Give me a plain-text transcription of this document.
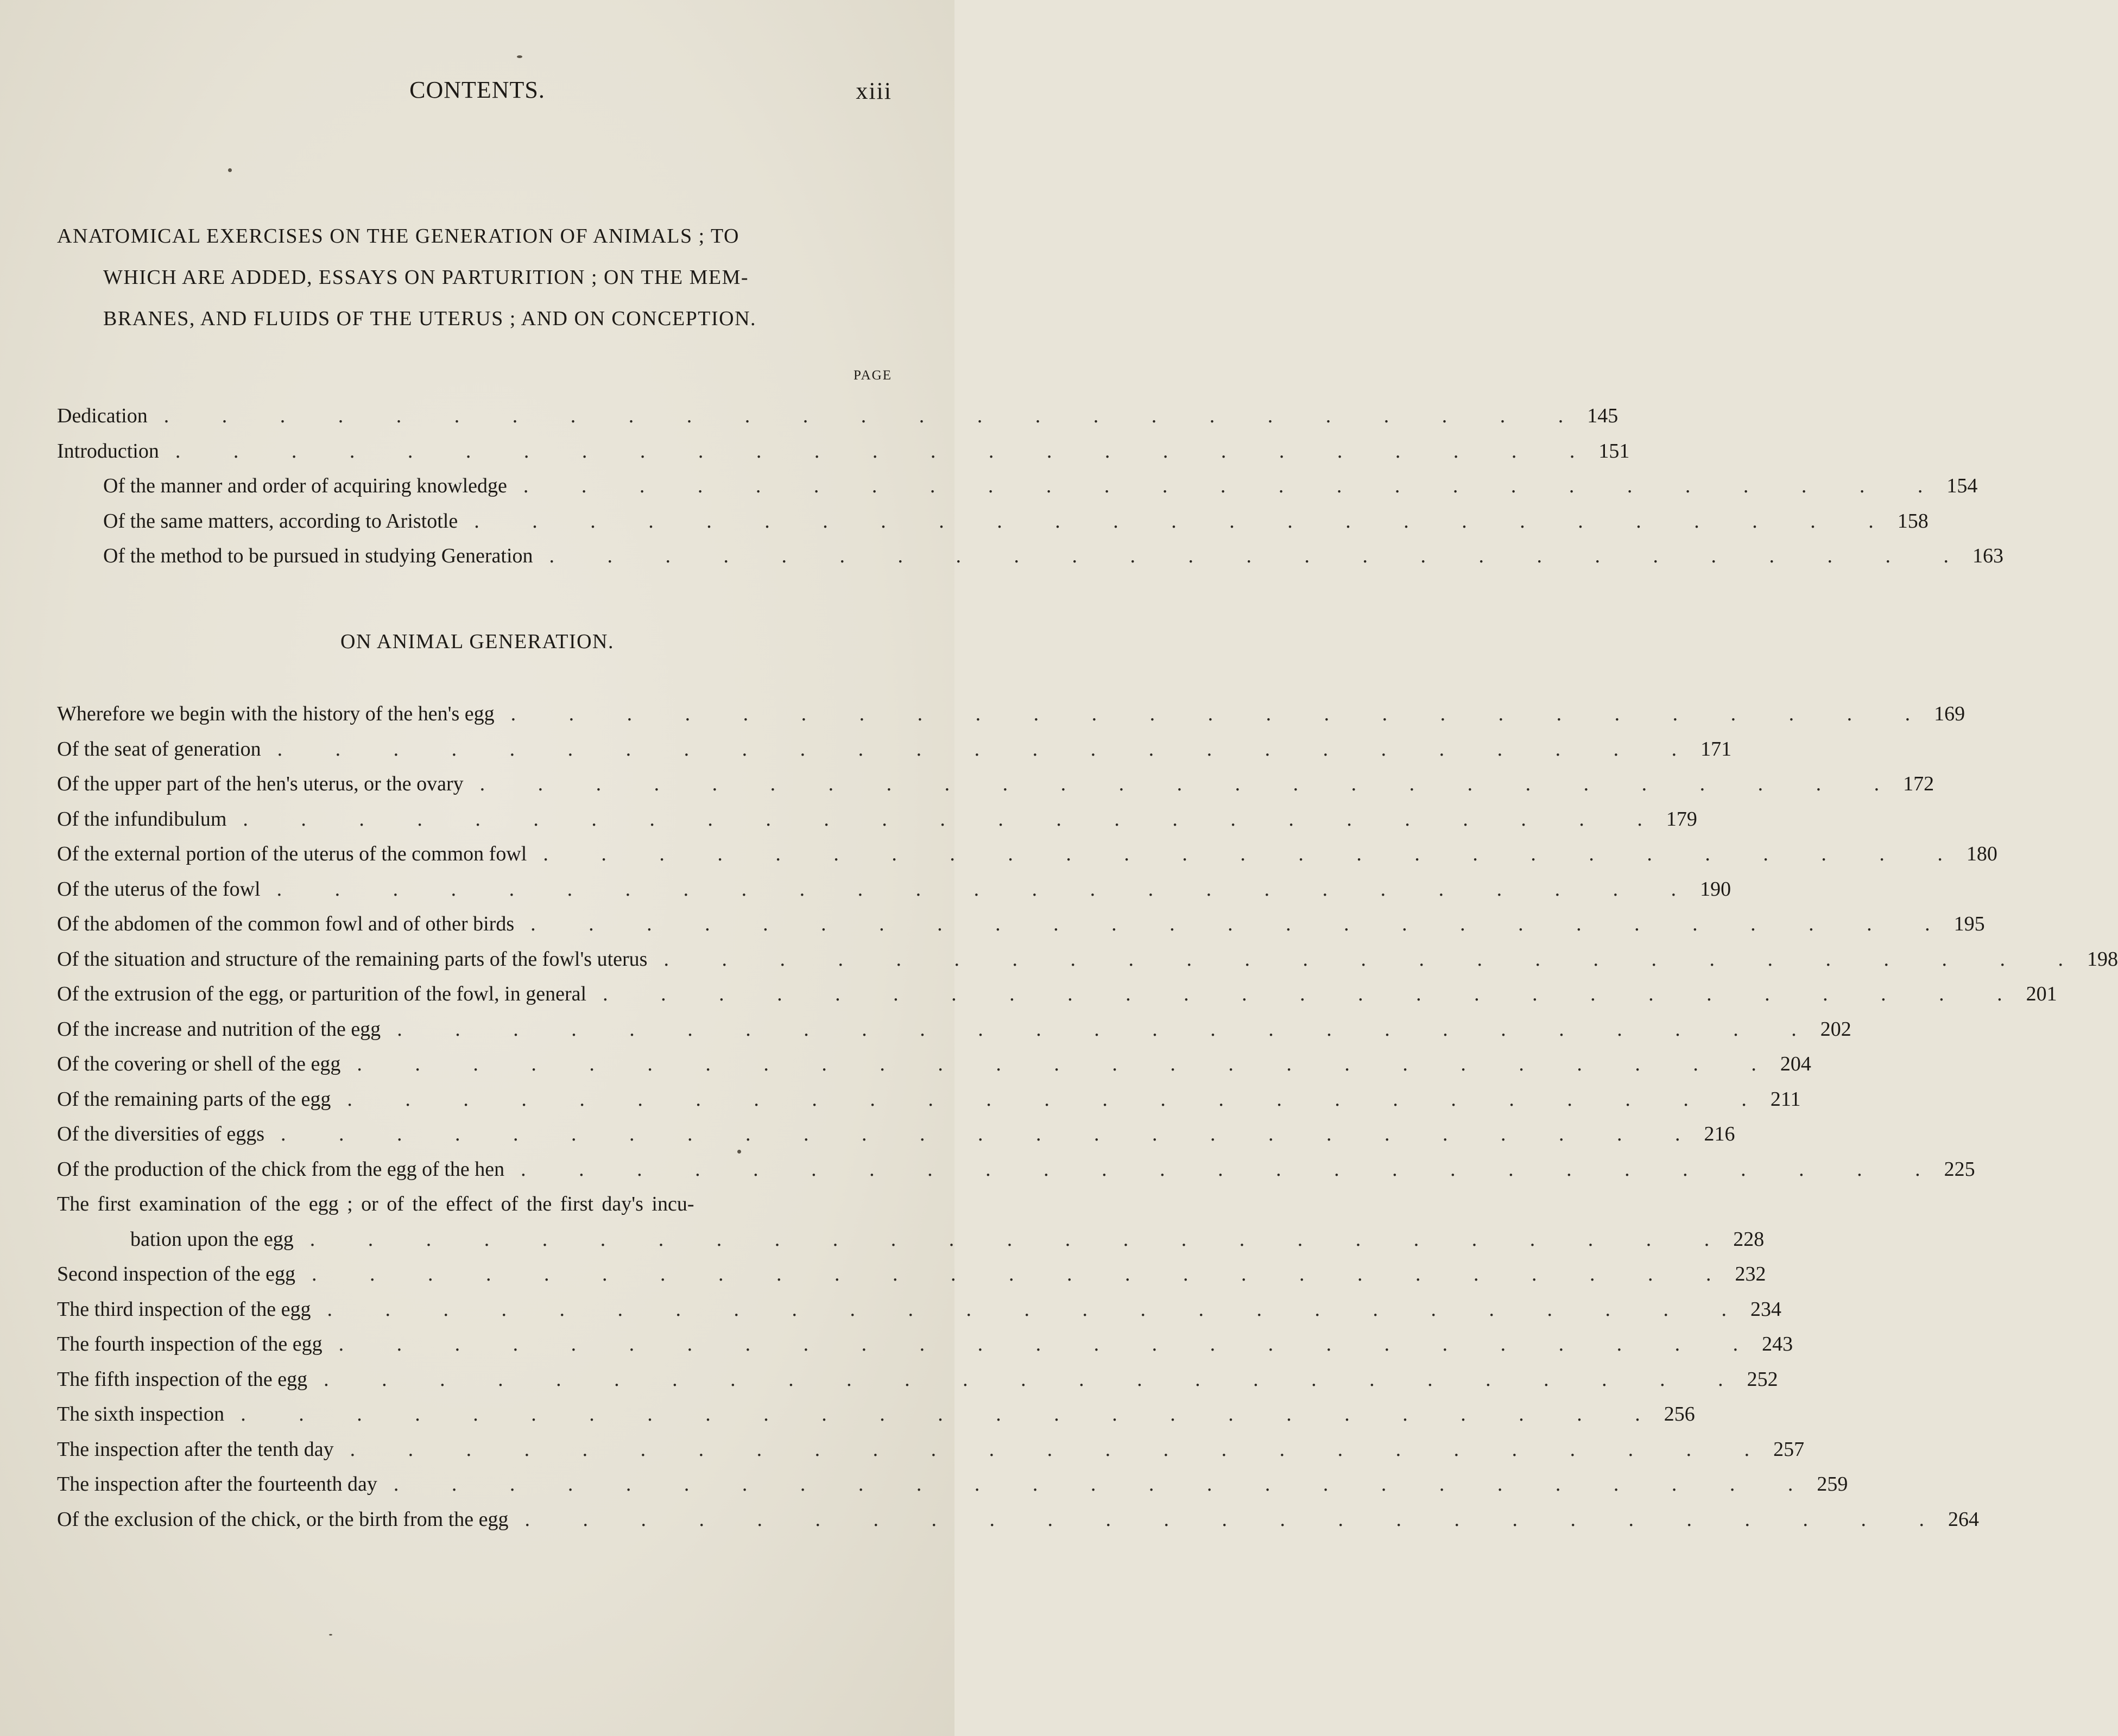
CONTENTS.	xiii
ANATOMICAL EXERCISES ON THE GENERATION OF ANIMALS ; TO
WHICH ARE ADDED, ESSAYS ON PARTURITION ; ON THE MEM-
BRANES, AND FLUIDS OF THE UTERUS ; AND ON CONCEPTION.
PAGE
Dedication . . . . . . . . . . . . . . . . . . . . . . . . . 145
Introduction . . . . . . . . . . . . . . . . . . . . . . . . . 151
Of the manner and order of acquiring knowledge . . . . . . . . . . . . . . . . . . . . . . . . . 154
Of the same matters, according to Aristotle . . . . . . . . . . . . . . . . . . . . . . . . . 158
Of the method to be pursued in studying Generation . . . . . . . . . . . . . . . . . . . . . . . . . 163
ON ANIMAL GENERATION.
Wherefore we begin with the history of the hen's egg . . . . . . . . . . . . . . . . . . . . . . . . . 169
Of the seat of generation . . . . . . . . . . . . . . . . . . . . . . . . . 171
Of the upper part of the hen's uterus, or the ovary . . . . . . . . . . . . . . . . . . . . . . . . . 172
Of the infundibulum . . . . . . . . . . . . . . . . . . . . . . . . . 179
Of the external portion of the uterus of the common fowl . . . . . . . . . . . . . . . . . . . . . . . . . 180
Of the uterus of the fowl . . . . . . . . . . . . . . . . . . . . . . . . . 190
Of the abdomen of the common fowl and of other birds . . . . . . . . . . . . . . . . . . . . . . . . . 195
Of the situation and structure of the remaining parts of the fowl's uterus . . . . . . . . . . . . . . . . . . . . . . . . . 198
Of the extrusion of the egg, or parturition of the fowl, in general . . . . . . . . . . . . . . . . . . . . . . . . . 201
Of the increase and nutrition of the egg . . . . . . . . . . . . . . . . . . . . . . . . . 202
Of the covering or shell of the egg . . . . . . . . . . . . . . . . . . . . . . . . . 204
Of the remaining parts of the egg . . . . . . . . . . . . . . . . . . . . . . . . . 211
Of the diversities of eggs . . . . . . . . . . . . . . . . . . . . . . . . . 216
Of the production of the chick from the egg of the hen . . . . . . . . . . . . . . . . . . . . . . . . . 225
The first examination of the egg ; or of the effect of the first day's incu-
bation upon the egg . . . . . . . . . . . . . . . . . . . . . . . . . 228
Second inspection of the egg . . . . . . . . . . . . . . . . . . . . . . . . . 232
The third inspection of the egg . . . . . . . . . . . . . . . . . . . . . . . . . 234
The fourth inspection of the egg . . . . . . . . . . . . . . . . . . . . . . . . . 243
The fifth inspection of the egg . . . . . . . . . . . . . . . . . . . . . . . . . 252
The sixth inspection . . . . . . . . . . . . . . . . . . . . . . . . . 256
The inspection after the tenth day . . . . . . . . . . . . . . . . . . . . . . . . . 257
The inspection after the fourteenth day . . . . . . . . . . . . . . . . . . . . . . . . . 259
Of the exclusion of the chick, or the birth from the egg . . . . . . . . . . . . . . . . . . . . . . . . . 264
